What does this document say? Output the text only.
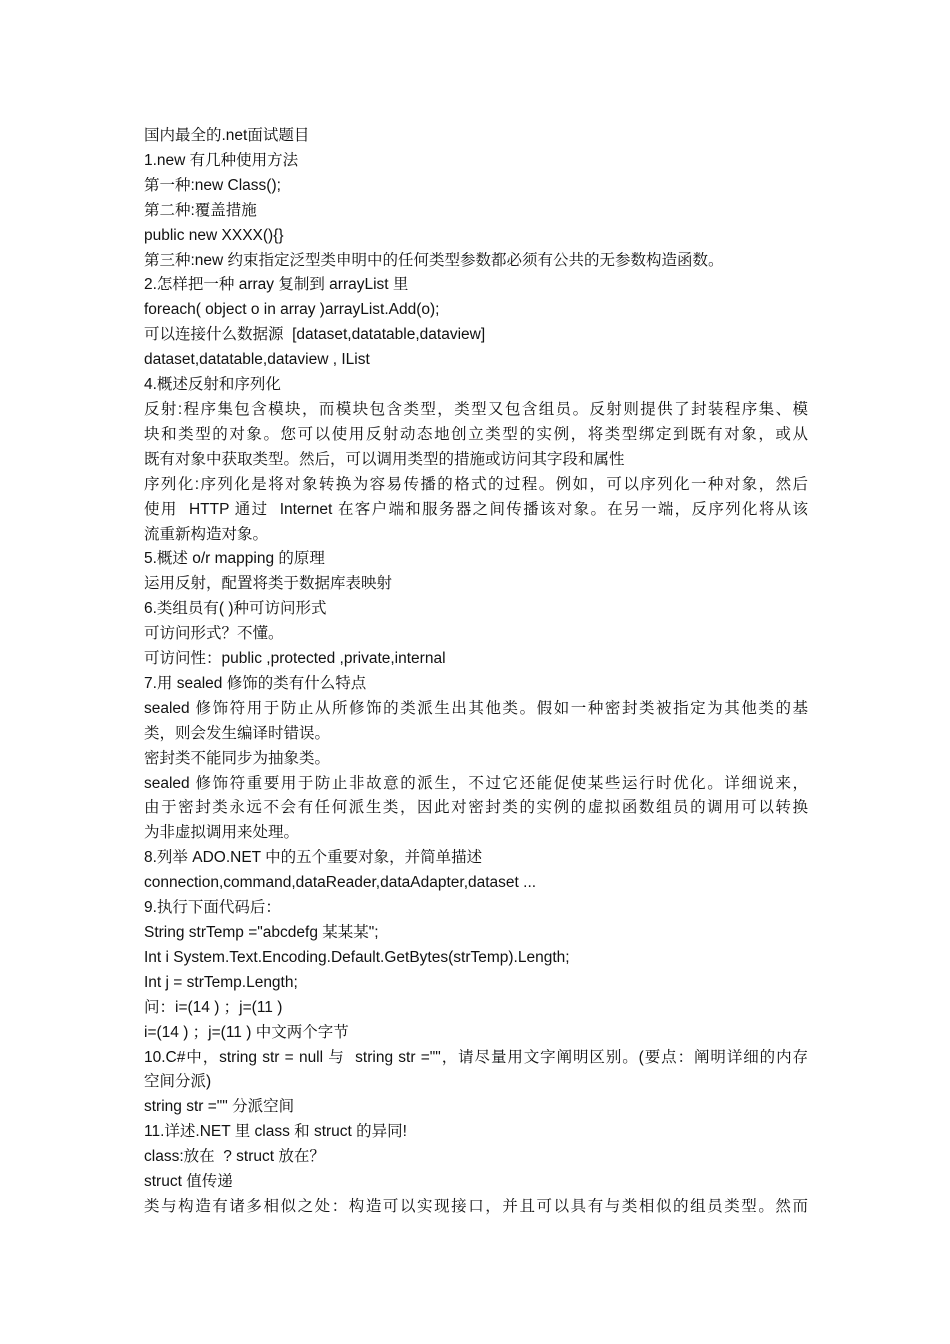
国内最全的.net面试题目
1.new 有几种使用方法
第一种:new Class();
第二种:覆盖措施
public new XXXX(){}
第三种:new 约束指定泛型类申明中的任何类型参数都必须有公共的无参数构造函数。
2.怎样把一种 array 复制到 arrayList 里
foreach( object o in array )arrayList.Add(o);
可以连接什么数据源  [dataset,datatable,dataview]
dataset,datatable,dataview , IList
4.概述反射和序列化
反射:程序集包含模块，而模块包含类型，类型又包含组员。反射则提供了封装程序集、模
块和类型的对象。您可以使用反射动态地创立类型的实例，将类型绑定到既有对象，或从
既有对象中获取类型。然后，可以调用类型的措施或访问其字段和属性
序列化:序列化是将对象转换为容易传播的格式的过程。例如，可以序列化一种对象，然后
使用  HTTP 通过  Internet 在客户端和服务器之间传播该对象。在另一端，反序列化将从该
流重新构造对象。
5.概述 o/r mapping 的原理
运用反射，配置将类于数据库表映射
6.类组员有( )种可访问形式
可访问形式？不懂。
可访问性：public ,protected ,private,internal
7.用 sealed 修饰的类有什么特点
sealed 修饰符用于防止从所修饰的类派生出其他类。假如一种密封类被指定为其他类的基
类，则会发生编译时错误。
密封类不能同步为抽象类。
sealed 修饰符重要用于防止非故意的派生，不过它还能促使某些运行时优化。详细说来，
由于密封类永远不会有任何派生类，因此对密封类的实例的虚拟函数组员的调用可以转换
为非虚拟调用来处理。
8.列举 ADO.NET 中的五个重要对象，并简单描述
connection,command,dataReader,dataAdapter,dataset ...
9.执行下面代码后：
String strTemp ="abcdefg 某某某";
Int i System.Text.Encoding.Default.GetBytes(strTemp).Length;
Int j = strTemp.Length;
问：i=(14 ) ；j=(11 )
i=(14 ) ；j=(11 ) 中文两个字节
10.C#中，string str = null 与  string str =""，请尽量用文字阐明区别。(要点：阐明详细的内存
空间分派)
string str ="" 分派空间
11.详述.NET 里 class 和 struct 的异同!
class:放在  ? struct 放在？
struct 值传递
类与构造有诸多相似之处：构造可以实现接口，并且可以具有与类相似的组员类型。然而
